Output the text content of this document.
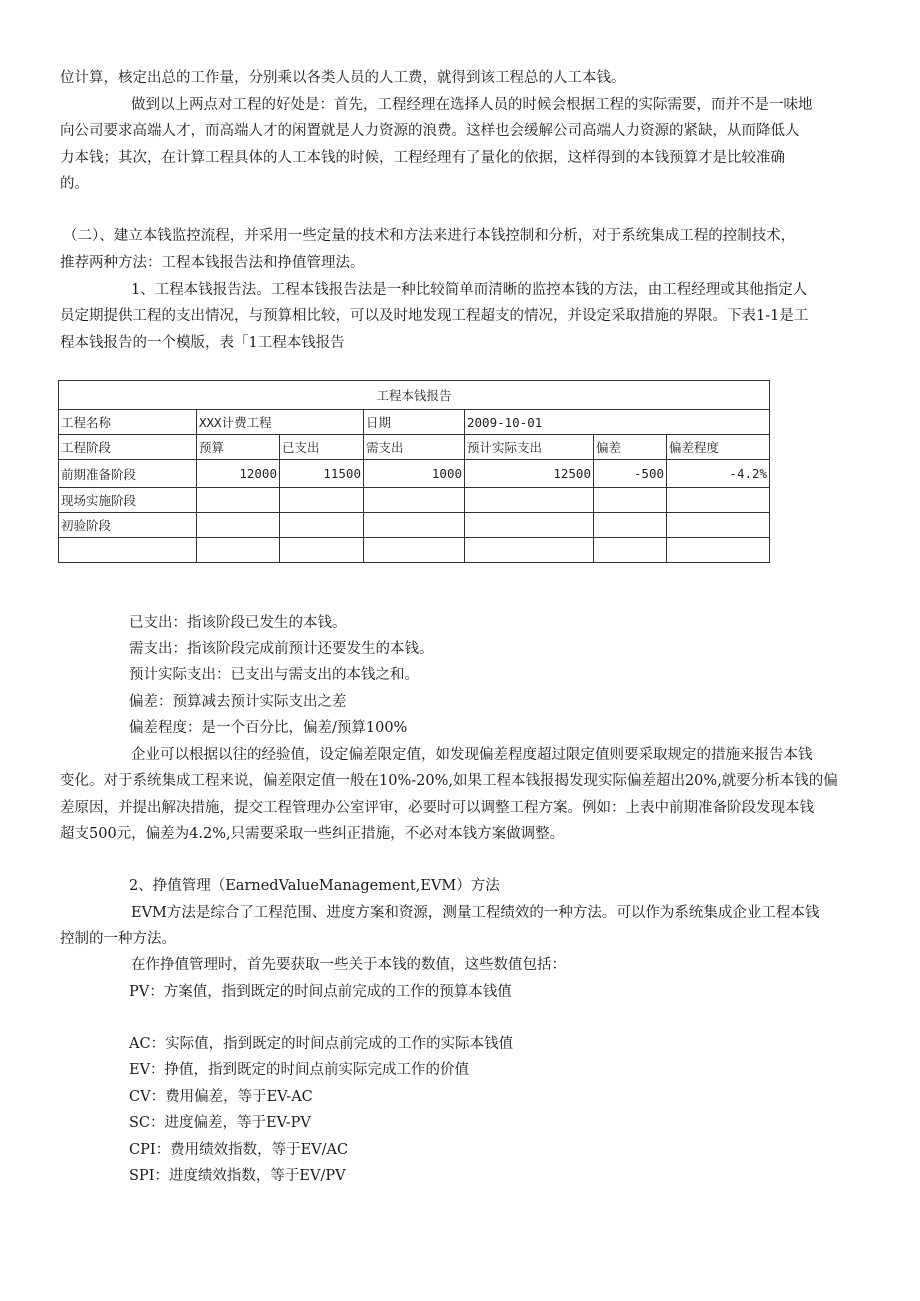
位计算，核定出总的工作量，分别乘以各类人员的人工费，就得到该工程总的人工本钱。
做到以上两点对工程的好处是：首先，工程经理在选择人员的时候会根据工程的实际需要，而并不是一味地
向公司要求高端人才，而高端人才的闲置就是人力资源的浪费。这样也会缓解公司高端人力资源的紧缺，从而降低人
力本钱；其次，在计算工程具体的人工本钱的时候，工程经理有了量化的依据，这样得到的本钱预算才是比较准确
的。
（二）、建立本钱监控流程，并采用一些定量的技术和方法来进行本钱控制和分析，对于系统集成工程的控制技术，
推荐两种方法：工程本钱报告法和挣值管理法。
1、工程本钱报告法。工程本钱报告法是一种比较简单而清晰的监控本钱的方法，由工程经理或其他指定人
员定期提供工程的支出情况，与预算相比较，可以及时地发现工程超支的情况，并设定采取措施的界限。下表1-1是工
程本钱报告的一个模版，表「1工程本钱报告
工程本钱报告						
工程名称	XXX计费工程		日期	2009-10-01		
工程阶段	预算	已支出	需支出	预计实际支出	偏差	偏差程度
前期准备阶段	12000	11500	1000	12500	-500	-4.2%
现场实施阶段						
初验阶段						

已支出：指该阶段已发生的本钱。
需支出：指该阶段完成前预计还要发生的本钱。
预计实际支出：已支出与需支出的本钱之和。
偏差：预算减去预计实际支出之差
偏差程度：是一个百分比，偏差/预算100%
企业可以根据以往的经验值，设定偏差限定值，如发现偏差程度超过限定值则要采取规定的措施来报告本钱
变化。对于系统集成工程来说，偏差限定值一般在10%-20%,如果工程本钱报揭发现实际偏差超出20%,就要分析本钱的偏
差原因，并提出解决措施，提交工程管理办公室评审，必要时可以调整工程方案。例如：上表中前期准备阶段发现本钱
超支500元，偏差为4.2%,只需要采取一些纠正措施，不必对本钱方案做调整。
2、挣值管理（EarnedValueManagement,EVM）方法
EVM方法是综合了工程范围、进度方案和资源，测量工程绩效的一种方法。可以作为系统集成企业工程本钱
控制的一种方法。
在作挣值管理时，首先要获取一些关于本钱的数值，这些数值包括：
PV：方案值，指到既定的时间点前完成的工作的预算本钱值
AC：实际值，指到既定的时间点前完成的工作的实际本钱值
EV：挣值，指到既定的时间点前实际完成工作的价值
CV：费用偏差，等于EV-AC
SC：进度偏差，等于EV-PV
CPI：费用绩效指数，等于EV/AC
SPI：进度绩效指数，等于EV/PV
